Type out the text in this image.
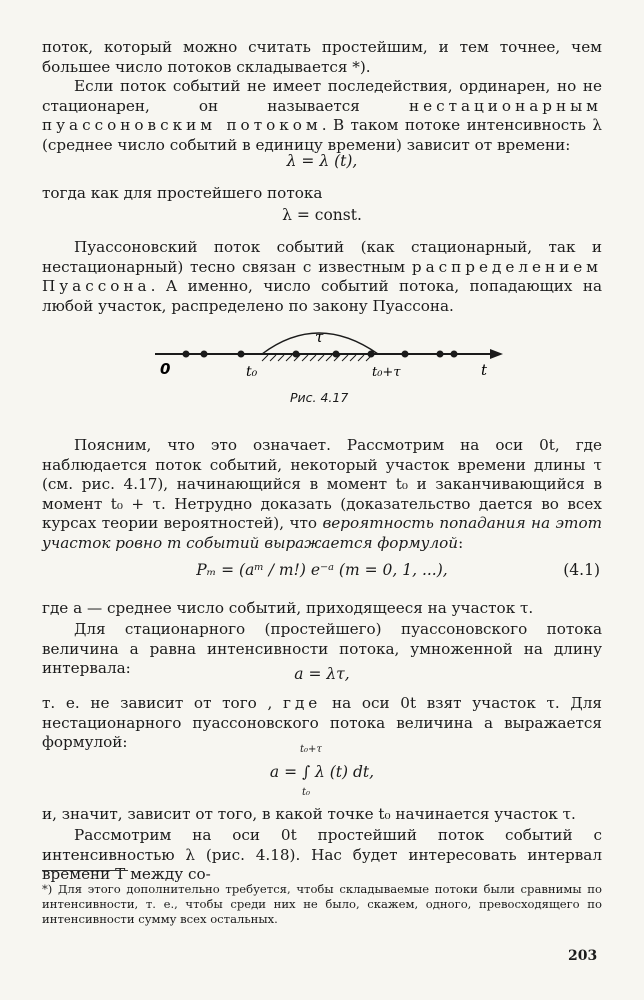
поток, который можно считать простейшим, и тем точнее, чем большее число потоков складывается *).

Если поток событий не имеет последействия, ординарен, но не стационарен, он называется нестационарным пуассоновским потоком. В таком потоке интенсивность λ (среднее число событий в единицу времени) зависит от времени:

λ = λ (t),

тогда как для простейшего потока

λ = const.

Пуассоновский поток событий (как стационарный, так и нестационарный) тесно связан с известным распределением Пуассона. А именно, число событий потока, попадающих на любой участок, распределено по закону Пуассона.

0	t₀	t₀+τ	t
τ
Рис. 4.17

Поясним, что это означает. Рассмотрим на оси 0t, где наблюдается поток событий, некоторый участок времени длины τ (см. рис. 4.17), начинающийся в момент t₀ и заканчивающийся в момент t₀ + τ. Нетрудно доказать (доказательство дается во всех курсах теории вероятностей), что вероятность попадания на этот участок ровно m событий выражается формулой:

Pₘ = (aᵐ / m!) e⁻ᵃ (m = 0, 1, ...),	(4.1)

где a — среднее число событий, приходящееся на участок τ.

Для стационарного (простейшего) пуассоновского потока величина a равна интенсивности потока, умноженной на длину интервала:	a = λτ,

т. е. не зависит от того , где на оси 0t взят участок τ. Для нестационарного пуассоновского потока величина a выражается формулой:	t₀+τ
a = ∫ λ (t) dt,
t₀

и, значит, зависит от того, в какой точке t₀ начинается участок τ.

Рассмотрим на оси 0t простейший поток событий с интенсивностью λ (рис. 4.18). Нас будет интересовать интервал времени T между со-

*) Для этого дополнительно требуется, чтобы складываемые потоки были сравнимы по интенсивности, т. е., чтобы среди них не было, скажем, одного, превосходящего по интенсивности сумму всех остальных.

203
